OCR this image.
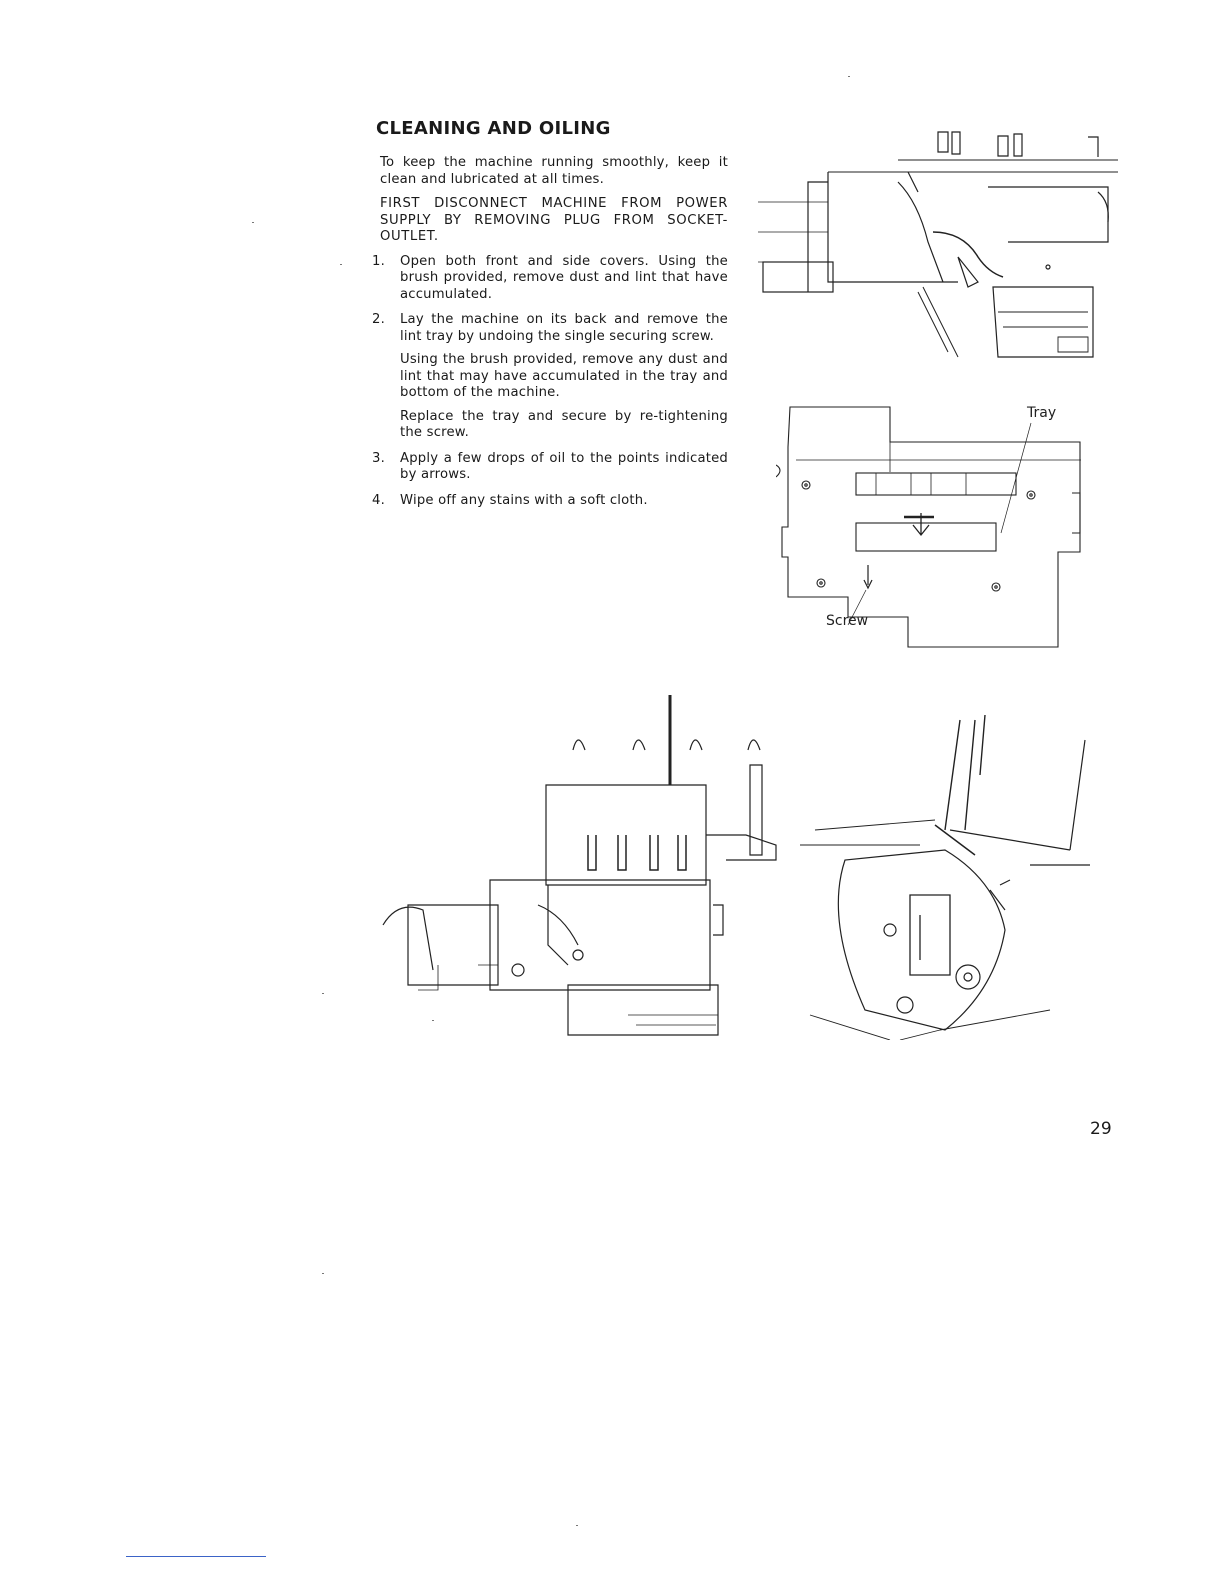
CLEANING AND OILING

To keep the machine running smoothly, keep it clean and lubricated at all times.

FIRST DISCONNECT MACHINE FROM POWER SUPPLY BY REMOVING PLUG FROM SOCKET-OUTLET.

1.	Open both front and side covers. Using the brush provided, remove dust and lint that have accumulated.

2.	Lay the machine on its back and remove the lint tray by undoing the single securing screw.

Using the brush provided, remove any dust and lint that may have accumulated in the tray and bottom of the machine.

Replace the tray and secure by re-tightening the screw.

3.	Apply a few drops of oil to the points indicated by arrows.

4.	Wipe off any stains with a soft cloth.

Tray
Screw
29
